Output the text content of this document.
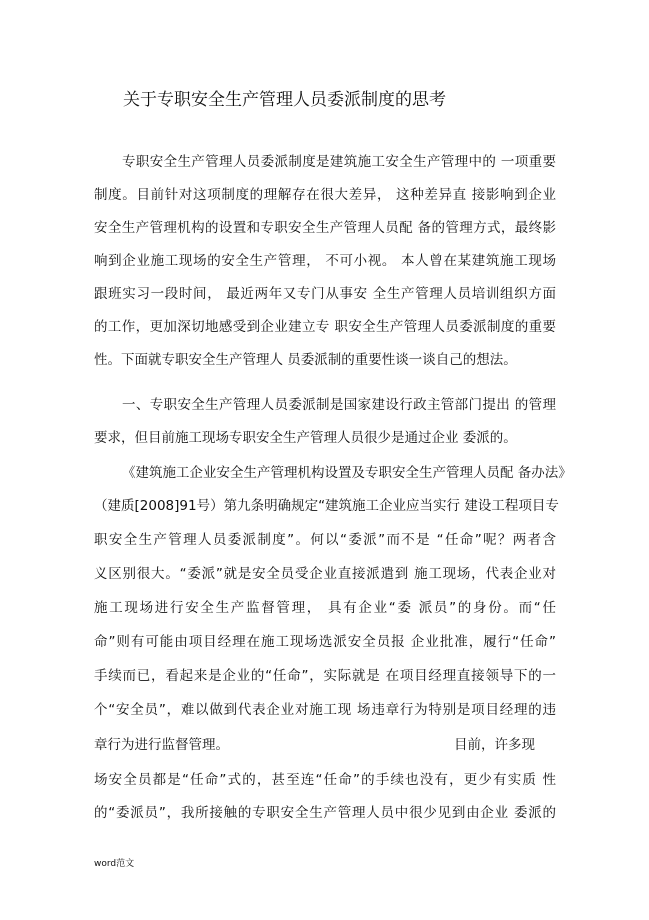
关于专职安全生产管理人员委派制度的思考
专职安全生产管理人员委派制度是建筑施工安全生产管理中的 一项重要
制度。目前针对这项制度的理解存在很大差异， 这种差异直 接影响到企业
安全生产管理机构的设置和专职安全生产管理人员配 备的管理方式，最终影
响到企业施工现场的安全生产管理， 不可小视。 本人曾在某建筑施工现场
跟班实习一段时间， 最近两年又专门从事安 全生产管理人员培训组织方面
的工作，更加深切地感受到企业建立专 职安全生产管理人员委派制度的重要
性。下面就专职安全生产管理人 员委派制的重要性谈一谈自己的想法。
一、专职安全生产管理人员委派制是国家建设行政主管部门提出 的管理
要求，但目前施工现场专职安全生产管理人员很少是通过企业 委派的。
《建筑施工企业安全生产管理机构设置及专职安全生产管理人员配 备办法》
（建质[2008]91号）第九条明确规定“建筑施工企业应当实行 建设工程项目专
职安全生产管理人员委派制度”。何以“委派”而不是 “任命”呢？两者含
义区别很大。“委派”就是安全员受企业直接派遣到 施工现场，代表企业对
施工现场进行安全生产监督管理， 具有企业“委 派员”的身份。而“任
命”则有可能由项目经理在施工现场选派安全员报 企业批准，履行“任命”
手续而已，看起来是企业的“任命”，实际就是 在项目经理直接领导下的一
个“安全员”，难以做到代表企业对施工现 场违章行为特别是项目经理的违
章行为进行监督管理。	目前，许多现
场安全员都是“任命”式的，甚至连“任命”的手续也没有，更少有实质 性
的“委派员”，我所接触的专职安全生产管理人员中很少见到由企业 委派的
word范文
